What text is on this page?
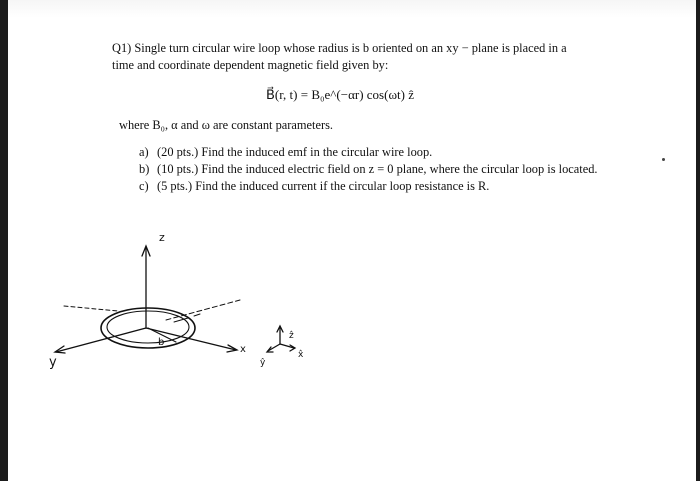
Q1) Single turn circular wire loop whose radius is b oriented on an xy − plane is placed in a

time and coordinate dependent magnetic field given by:

B⃗(r, t) = B₀e^(−αr) cos(ωt) ẑ
where B₀, α and ω are constant parameters.
a) (20 pts.) Find the induced emf in the circular wire loop.
b) (10 pts.) Find the induced electric field on z = 0 plane, where the circular loop is located.
c) (5 pts.) Find the induced current if the circular loop resistance is R.
z
x
y
b
ẑ
x̂
ŷ
